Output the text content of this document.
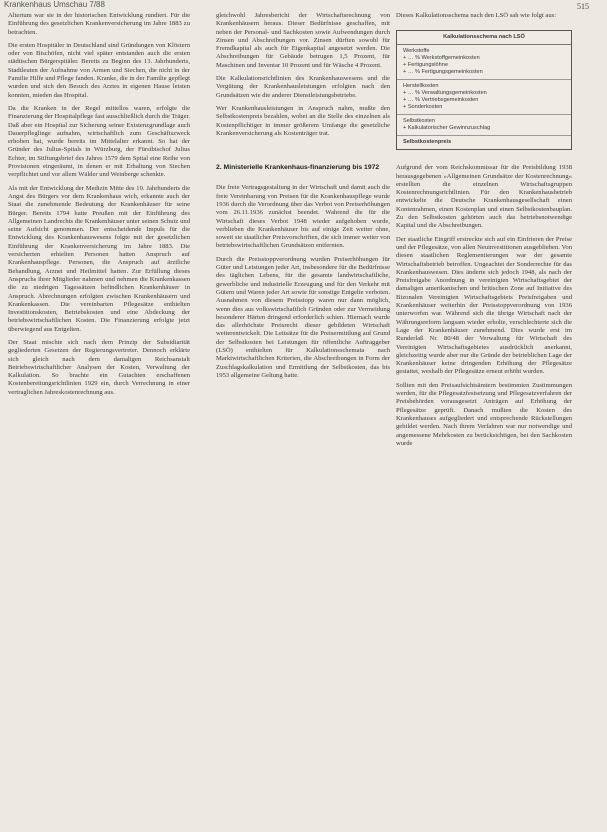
Krankenhaus Umschau 7/88	515

Altertum war sie in der historischen Entwicklung rundiert. Für die Einführung des gesetzlichen Krankenversicherung im Jahre 1883 zu betrachten.

Die ersten Hospitäler in Deutschland sind Gründungen von Klöstern oder von Bischöfen, nicht viel später entstanden auch die ersten städtischen Bürgerspitäler. Bereits zu Beginn des 13. Jahrhunderts, Stadtleuten der Aufnahme von Armen und Siechen, die nicht in der Familie Hilfe und Pflege fanden. Kranke, die in der Familie gepflegt wurden und sich den Besuch des Arztes in eigenen Hause leisten konnten, mieden das Hospital.

Da die Kranken in der Regel mittellos waren, erfolgte die Finanzierung der Hospitalpflege fast ausschließlich durch die Träger. Daß aber ein Hospital zur Sicherung seiner Existenzgrundlage auch Dauerpfleglinge aufnahm, wirtschaftlich zum Geschäftszweck erhoben hat, wurde bereits im Mittelalter erkannt. So hat der Gründer des Julius-Spitals in Würzburg, der Fürstbischof Julius Echter, im Stiftungsbrief des Jahres 1579 dem Spital eine Reihe von Provisionen eingeräumt, in denen er mit Erhaltung von Siechen verpflichtet und vor allem Wälder und Weinberge schenkte.

Als mit der Entwicklung der Medizin Mitte des 19. Jahrhunderts die Angst des Bürgers vor dem Krankenhaus wich, erkannte auch der Staat die zunehmende Bedeutung der Krankenhäuser für seine Bürger. Bereits 1794 hatte Preußen mit der Einführung des Allgemeinen Landrechts die Krankenhäuser unter seinen Schutz und seine Aufsicht genommen. Der entscheidende Impuls für die Entwicklung des Krankenhauswesens folgte mit der gesetzlichen Einführung der Krankenversicherung im Jahre 1883. Die versicherten erhielten Personen hatten Anspruch auf Krankenhauspflege. Personen, die Anspruch auf ärztliche Behandlung, Arznei und Heilmittel hatten. Zur Erfüllung dieses Anspruchs ihrer Mitglieder nahmen und nehmen die Krankenkassen die zu niedrigen Tagessätzen befindlichen Krankenhäuser in Anspruch. Abrechnungen erfolgten zwischen Krankenhäusern und Krankenkassen. Die vereinbarten Pflegesätze enthielten Investitionskosten, Betriebskosten und eine Abdeckung der betriebswirtschaftlichen Kosten. Die Finanzierung erfolgte jetzt überwiegend aus Entgelten.

Der Staat mischte sich nach dem Prinzip der Subsidiarität gegliederten Gesetzen der Regierungsvertreter. Dennoch erklärte sich gleich nach dem damaligen Reichsanstalt Betriebswirtschaftlicher Analysen der Kosten, Verwaltung der Kalkulation. So brachte ein Gutachten erschaffenen Kostenbereitungsrichtlinien 1929 ein, durch Verrechnung in einer vertraglichen Jahreskostenrechnung aus.

gleichwohl Jahresbericht der Wirtschaftsrechnung von Krankenhäusern heraus. Dieser Bedürfnisse geschaffen, mit neben der Personal- und Sachkosten sowie Aufwendungen durch Zinsen und Abschreibungen vor. Zinsen dürften sowohl für Fremdkapital als auch für Eigenkapital angesetzt werden. Die Abschreibungen für Gebäude betrugen 1,5 Prozent, für Maschinen und Inventar 10 Prozent und für Wäsche 4 Prozent.

Die Kalkulationsrichtlinien des Krankenhauswesens und die Vergütung der Krankenhausleistungen erfolgten nach den Grundsätzen wie die anderer Dienstleistungsbetriebe.

Wer Krankenhausleistungen in Anspruch nahm, mußte den Selbstkostenpreis bezahlen, wobei an die Stelle des einzelnen als Kostenpflichtiger in immer größerem Umfange die gesetzliche Krankenversicherung als Kostenträger trat.

2. Ministerielle Krankenhaus-finanzierung bis 1972

Die freie Vertragsgestaltung in der Wirtschaft und damit auch die freie Vereinbarung von Preisen für die Krankenhauspflege wurde 1936 durch die Verordnung über das Verbot von Preiserhöhungen vom 26.11.1936 zunächst beendet. Wahrend die für die Wirtschaft dieses Verbot 1948 wieder aufgehoben wurde, verblieben die Krankenhäuser bis auf einige Zeit weiter ohne, soweit sie staatlicher Preisvorschriften, die sich immer weiter von betriebswirtschaftlichen Grundsätzen entfernten.

Durch die Preisstoppverordnung wurden Preiserhöhungen für Güter und Leistungen jeder Art, insbesondere für die Bedürfnisse des täglichen Lebens, für die gesamte landwirtschaftliche, gewerbliche und industrielle Erzeugung und für den Verkehr mit Gütern und Waren jeder Art sowie für sonstige Entgelte verboten. Ausnahmen von diesem Preisstopp waren nur dann möglich, wenn dies aus volkswirtschaftlich Gründen oder zur Vermeidung besonderer Härten dringend erforderlich schien. Hiernach wurde das allerhöchste Preisrecht dieser gebildeten Wirtschaft weiterentwickelt. Die Leitsätze für die Preisermittlung auf Grund der Selbstkosten bei Leistungen für öffentliche Auftraggeber (LSÖ) enthielten für Kalkulationsschemata nach Marktwirtschaftlichen Kriterien, die Abschreibungen in Form der Zuschlagskalkulation und Ermittlung der Selbstkosten, das bis 1953 allgemeine Geltung hatte.

Dieses Kalkulationsschema nach den LSÖ sah wie folgt aus:

Kalkulationsschema nach LSÖ
Werkstoffe
+ … % Werkstoffgemeinkosten
+ Fertigungslöhne
+ … % Fertigungsgemeinkosten
Herstellkosten
+ … % Verwaltungsgemeinkosten
+ … % Vertriebsgemeinkosten
+ Sonderkosten
Selbstkosten
+ Kalkulatorischer Gewinnzuschlag
Selbstkostenpreis

Aufgrund der vom Reichskommissar für die Preisbildung 1938 herausgegebenen »Allgemeinen Grundsätze der Kostenrechnung« erstellten die einzelnen Wirtschaftsgruppen Kostenrechnungsrichtlinien. Für den Krankenhausbetrieb entwickelte die Deutsche Krankenhausgesellschaft einen Kontenrahmen, einen Kostenplan und einen Selbstkostenbauplan. Zu den Selbstkosten gehörten auch das betriebsnotwendige Kapital und die Abschreibungen.

Der staatliche Eingriff erstreckte sich auf ein Einfrieren der Preise und der Pflegesätze, von allen Neuinvestitionen ausgeblieben. Von diesen staatlichen Reglementierungen war der gesamte Wirtschaftsbetrieb betroffen. Ungeachtet der Sonderrechte für das Krankenhauswesen. Dies änderte sich jedoch 1948, als nach der Preisfreigabe Anordnung in vereinigten Wirtschaftsgebiet der damaligen amerikanischen und britischen Zone auf Initiative des Bizonalen Vereinigten Wirtschaftsgebiets Preisfreigaben und Krankenhäuser weiterhin der Preisstoppverordnung von 1936 unterworfen war. Während sich die übrige Wirtschaft nach der Währungsreform langsam wieder erholte, verschlechterte sich die Lage der Krankenhäuser zunehmend. Dies wurde erst im Runderlaß Nr. 80/48 der Verwaltung für Wirtschaft des Vereinigten Wirtschaftsgebietes ausdrücklich anerkannt, gleichzeitig wurde aber nur die Gründe der betrieblichen Lage der Krankenhäuser keine dringenden Erhöhung der Pflegesätze gestattet, weshalb der Pflegesätze erneut erhöht wurden.

Sollten mit den Preisaufsichtsämtern bestimmten Zustimmungen werden, für die Pflegesatzfestsetzung und Pflegesatzverfahren der Preisbehörden vorausgesetzt Anträgen auf Erhöhung der Pflegesätze geprüft. Danach mußten die Kosten des Krankenhauses aufgegliedert und entsprechende Rückstellungen gebildet werden. Nach ihrem Verfahren war nur notwendige und angemessene Mehrkosten zu berücksichtigen, bei den Sachkosten wurde
